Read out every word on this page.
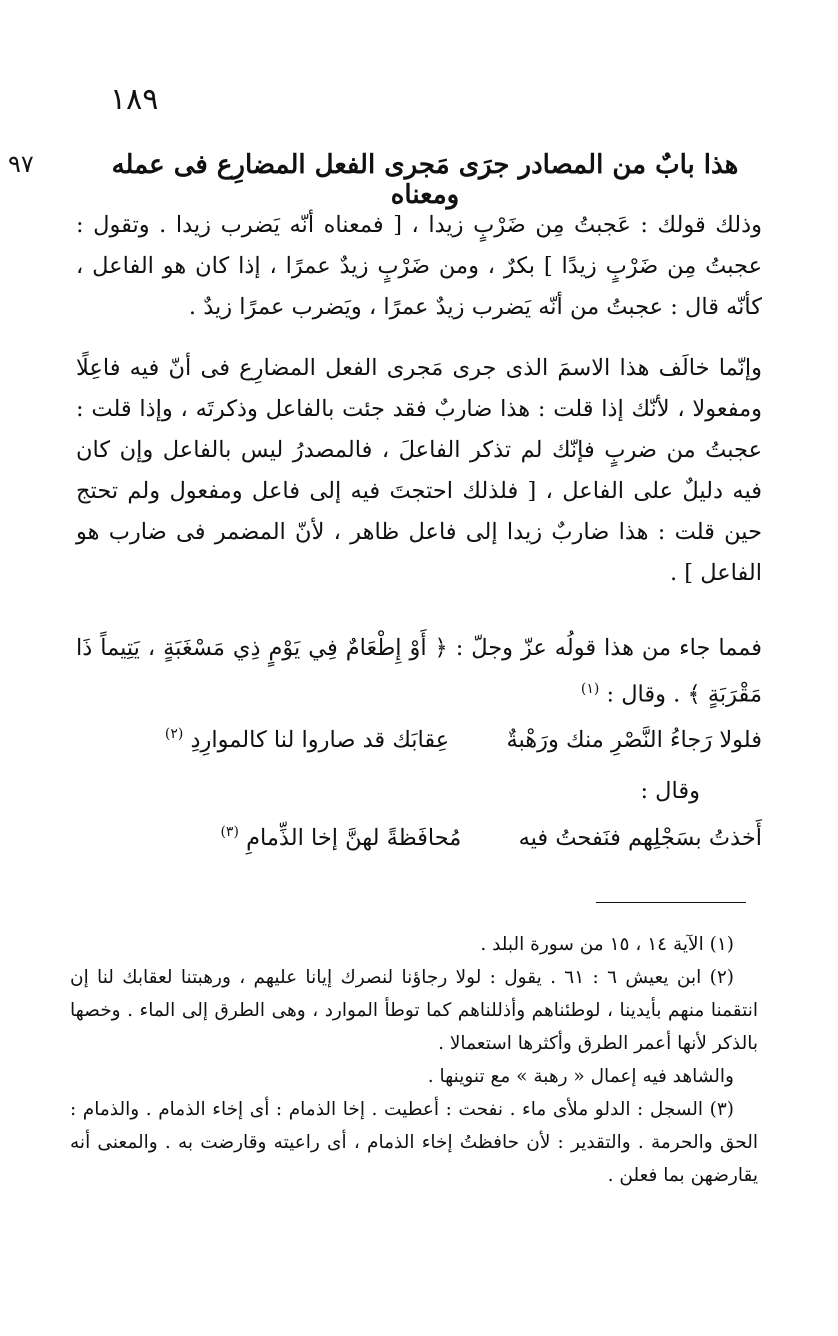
١٨٩
٩٧	هذا بابٌ من المصادر جرَى مَجرى الفعل المضارِع فى عمله ومعناه
وذلك قولك : عَجبتُ مِن ضَرْبٍ زيدا ، [ فمعناه أنّه يَضرب زيدا . وتقول : عجبتُ مِن ضَرْبٍ زيدًا ] بكرٌ ، ومن ضَرْبٍ زيدٌ عمرًا ، إذا كان هو الفاعل ، كأنّه قال : عجبتُ من أنّه يَضرب زيدٌ عمرًا ، ويَضرب عمرًا زيدٌ .
وإنّما خالَف هذا الاسمَ الذى جرى مَجرى الفعل المضارِع فى أنّ فيه فاعِلًا ومفعولا ، لأنّك إذا قلت : هذا ضاربٌ فقد جئت بالفاعل وذكرتَه ، وإذا قلت : عجبتُ من ضربٍ فإنّك لم تذكر الفاعلَ ، فالمصدرُ ليس بالفاعل وإن كان فيه دليلٌ على الفاعل ، [ فلذلك احتجتَ فيه إلى فاعل ومفعول ولم تحتج حين قلت : هذا ضاربٌ زيدا إلى فاعل ظاهر ، لأنّ المضمر فى ضارب هو الفاعل ] .
فمما جاء من هذا قولُه عزّ وجلّ : ﴿ أَوْ إِطْعَامٌ فِي يَوْمٍ ذِي مَسْغَبَةٍ ، يَتِيماً ذَا مَقْرَبَةٍ ﴾ . وقال : $^{(١)}$
فلولا رَجاءُ النَّصْرِ منك ورَهْبةٌ        عِقابَك قد صاروا لنا كالموارِدِ $^{(٢)}$
وقال :
أَخذتُ بسَجْلِهم فنَفحتُ فيه        مُحافَظةً لهنَّ إخا الذِّمامِ $^{(٣)}$

(١) الآية ١٤ ، ١٥ من سورة البلد .

(٢) ابن يعيش ٦ : ٦١ . يقول : لولا رجاؤنا لنصرك إيانا عليهم ، ورهبتنا لعقابك لنا إن انتقمنا منهم بأيدينا ، لوطئناهم وأذللناهم كما توطأ الموارد ، وهى الطرق إلى الماء . وخصها بالذكر لأنها أعمر الطرق وأكثرها استعمالا .

والشاهد فيه إعمال « رهبة » مع تنوينها .

(٣) السجل : الدلو ملأى ماء . نفحت : أعطيت . إخا الذمام : أى إخاء الذمام . والذمام : الحق والحرمة . والتقدير : لأن حافظتُ إخاء الذمام ، أى راعيته وقارضت به . والمعنى أنه يقارضهن بما فعلن .
